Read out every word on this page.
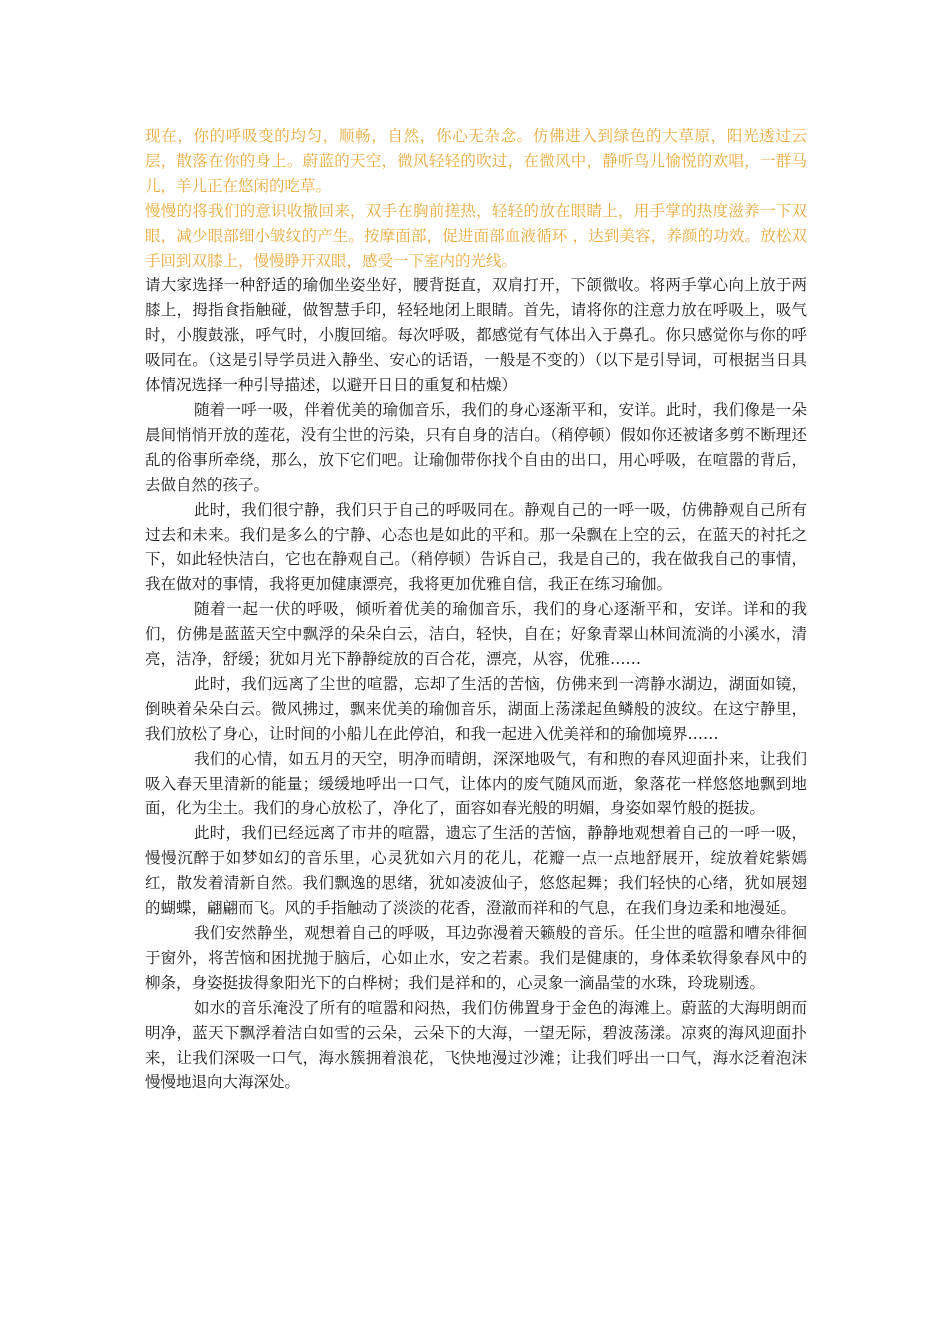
现在，你的呼吸变的均匀，顺畅，自然，你心无杂念。仿佛进入到绿色的大草原，阳光透过云层，散落在你的身上。蔚蓝的天空，微风轻轻的吹过，在微风中，静听鸟儿愉悦的欢唱，一群马儿，羊儿正在悠闲的吃草。

慢慢的将我们的意识收撤回来，双手在胸前搓热，轻轻的放在眼睛上，用手掌的热度滋养一下双眼，减少眼部细小皱纹的产生。按摩面部，促进面部血液循环 ，达到美容，养颜的功效。放松双手回到双膝上，慢慢睁开双眼，感受一下室内的光线。

请大家选择一种舒适的瑜伽坐姿坐好，腰背挺直，双肩打开，下颌微收。将两手掌心向上放于两膝上，拇指食指触碰，做智慧手印，轻轻地闭上眼睛。首先，请将你的注意力放在呼吸上，吸气时，小腹鼓涨，呼气时，小腹回缩。每次呼吸，都感觉有气体出入于鼻孔。你只感觉你与你的呼吸同在。（这是引导学员进入静坐、安心的话语，一般是不变的）（以下是引导词，可根据当日具体情况选择一种引导描述，以避开日日的重复和枯燥）

随着一呼一吸，伴着优美的瑜伽音乐，我们的身心逐渐平和，安详。此时，我们像是一朵晨间悄悄开放的莲花，没有尘世的污染，只有自身的洁白。（稍停顿）假如你还被诸多剪不断理还乱的俗事所牵绕，那么，放下它们吧。让瑜伽带你找个自由的出口，用心呼吸，在喧嚣的背后，去做自然的孩子。

此时，我们很宁静，我们只于自己的呼吸同在。静观自己的一呼一吸，仿佛静观自己所有过去和未来。我们是多么的宁静、心态也是如此的平和。那一朵飘在上空的云，在蓝天的衬托之下，如此轻快洁白，它也在静观自己。（稍停顿）告诉自己，我是自己的，我在做我自己的事情，我在做对的事情，我将更加健康漂亮，我将更加优雅自信，我正在练习瑜伽。

随着一起一伏的呼吸，倾听着优美的瑜伽音乐，我们的身心逐渐平和，安详。详和的我们，仿佛是蓝蓝天空中飘浮的朵朵白云，洁白，轻快，自在；好象青翠山林间流淌的小溪水，清亮，洁净，舒缓；犹如月光下静静绽放的百合花，漂亮，从容，优雅……

此时，我们远离了尘世的喧嚣，忘却了生活的苦恼，仿佛来到一湾静水湖边，湖面如镜，倒映着朵朵白云。微风拂过，飘来优美的瑜伽音乐，湖面上荡漾起鱼鳞般的波纹。在这宁静里，我们放松了身心，让时间的小船儿在此停泊，和我一起进入优美祥和的瑜伽境界……

我们的心情，如五月的天空，明净而晴朗，深深地吸气，有和煦的春风迎面扑来，让我们吸入春天里清新的能量；缓缓地呼出一口气，让体内的废气随风而逝，象落花一样悠悠地飘到地面，化为尘土。我们的身心放松了，净化了，面容如春光般的明媚，身姿如翠竹般的挺拔。

此时，我们已经远离了市井的喧嚣，遗忘了生活的苦恼，静静地观想着自己的一呼一吸，慢慢沉醉于如梦如幻的音乐里，心灵犹如六月的花儿，花瓣一点一点地舒展开，绽放着姹紫嫣红，散发着清新自然。我们飘逸的思绪，犹如凌波仙子，悠悠起舞；我们轻快的心绪，犹如展翅的蝴蝶，翩翩而飞。风的手指触动了淡淡的花香，澄澈而祥和的气息，在我们身边柔和地漫延。

我们安然静坐，观想着自己的呼吸，耳边弥漫着天籁般的音乐。任尘世的喧嚣和嘈杂徘徊于窗外，将苦恼和困扰抛于脑后，心如止水，安之若素。我们是健康的，身体柔软得象春风中的柳条，身姿挺拔得象阳光下的白桦树；我们是祥和的，心灵象一滴晶莹的水珠，玲珑剔透。

如水的音乐淹没了所有的喧嚣和闷热，我们仿佛置身于金色的海滩上。蔚蓝的大海明朗而明净，蓝天下飘浮着洁白如雪的云朵，云朵下的大海，一望无际，碧波荡漾。凉爽的海风迎面扑来，让我们深吸一口气，海水簇拥着浪花，飞快地漫过沙滩；让我们呼出一口气，海水泛着泡沫慢慢地退向大海深处。
